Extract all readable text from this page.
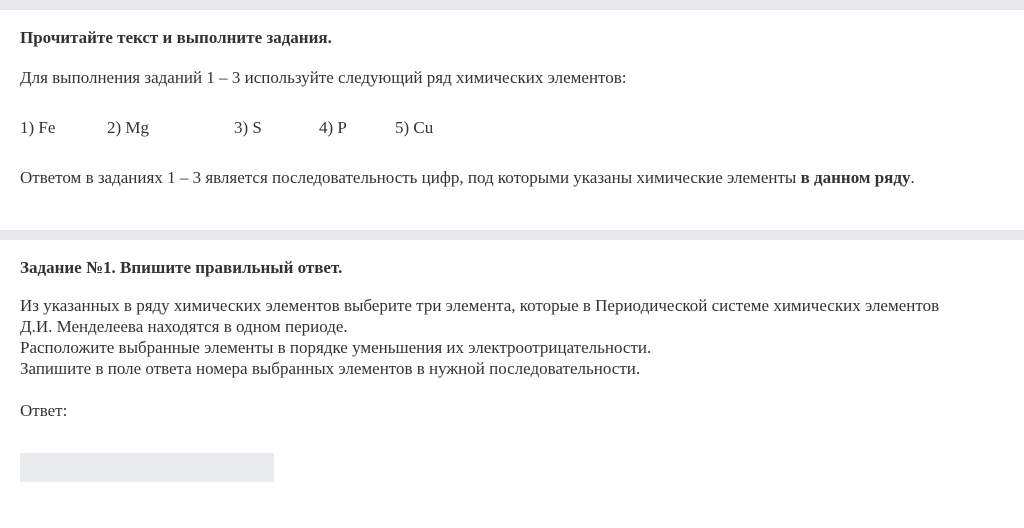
Прочитайте текст и выполните задания.
Для выполнения заданий 1 – 3 используйте следующий ряд химических элементов:
1) Fe	2) Mg	3) S	4) P	5) Cu
Ответом в заданиях 1 – 3 является последовательность цифр, под которыми указаны химические элементы в данном ряду.
Задание №1. Впишите правильный ответ.
Из указанных в ряду химических элементов выберите три элемента, которые в Периодической системе химических элементов
Д.И. Менделеева находятся в одном периоде.
Расположите выбранные элементы в порядке уменьшения их электроотрицательности.
Запишите в поле ответа номера выбранных элементов в нужной последовательности.
Ответ:
